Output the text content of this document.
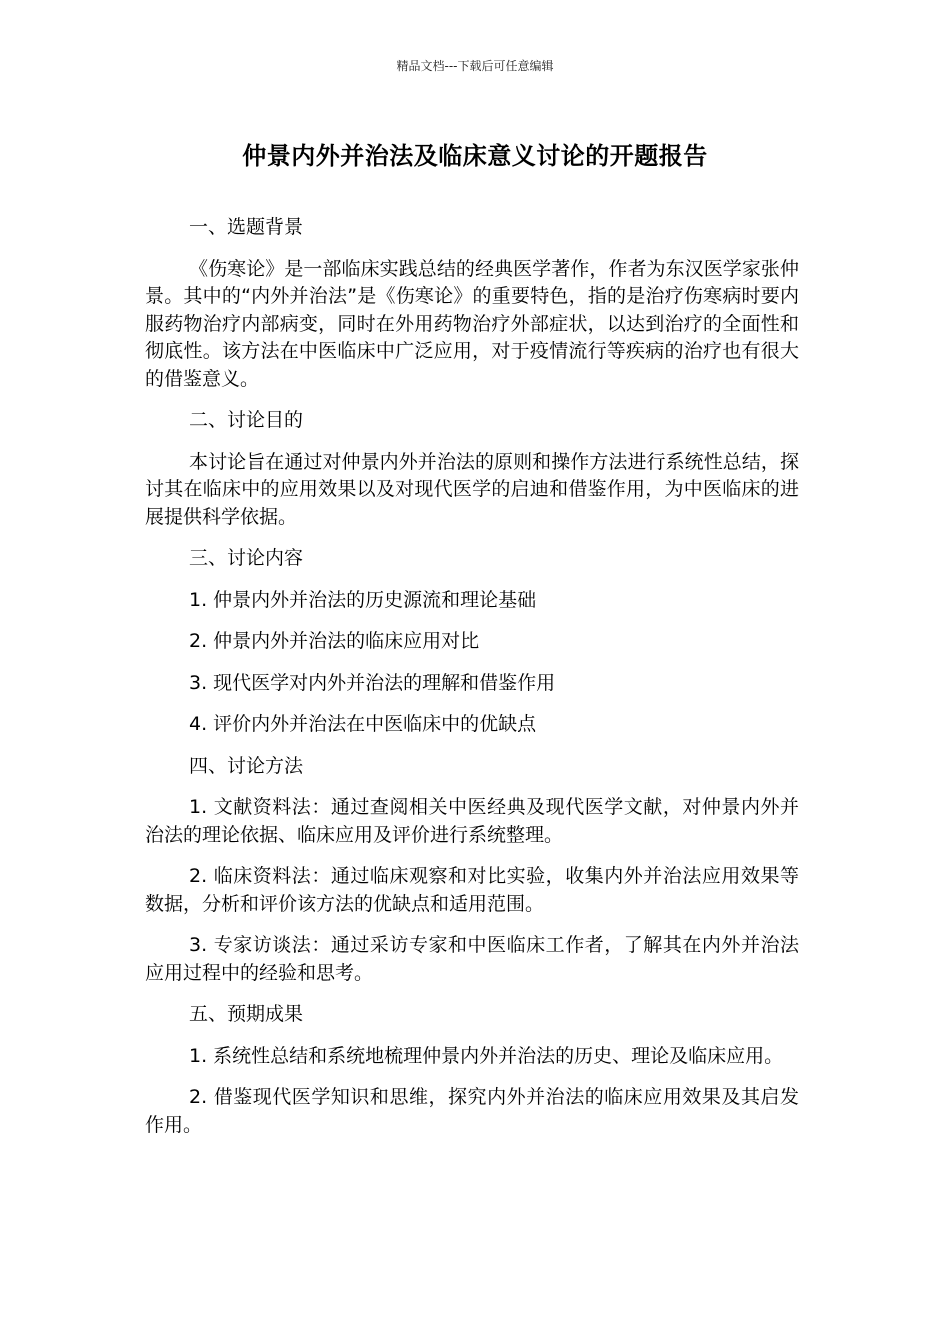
精品文档---下载后可任意编辑
仲景内外并治法及临床意义讨论的开题报告
一、选题背景
《伤寒论》是一部临床实践总结的经典医学著作，作者为东汉医学家张仲景。其中的“内外并治法”是《伤寒论》的重要特色，指的是治疗伤寒病时要内服药物治疗内部病变，同时在外用药物治疗外部症状，以达到治疗的全面性和彻底性。该方法在中医临床中广泛应用，对于疫情流行等疾病的治疗也有很大的借鉴意义。
二、讨论目的
本讨论旨在通过对仲景内外并治法的原则和操作方法进行系统性总结，探讨其在临床中的应用效果以及对现代医学的启迪和借鉴作用，为中医临床的进展提供科学依据。
三、讨论内容
1. 仲景内外并治法的历史源流和理论基础
2. 仲景内外并治法的临床应用对比
3. 现代医学对内外并治法的理解和借鉴作用
4. 评价内外并治法在中医临床中的优缺点
四、讨论方法
1. 文献资料法：通过查阅相关中医经典及现代医学文献，对仲景内外并治法的理论依据、临床应用及评价进行系统整理。
2. 临床资料法：通过临床观察和对比实验，收集内外并治法应用效果等数据，分析和评价该方法的优缺点和适用范围。
3. 专家访谈法：通过采访专家和中医临床工作者，了解其在内外并治法应用过程中的经验和思考。
五、预期成果
1. 系统性总结和系统地梳理仲景内外并治法的历史、理论及临床应用。
2. 借鉴现代医学知识和思维，探究内外并治法的临床应用效果及其启发作用。
